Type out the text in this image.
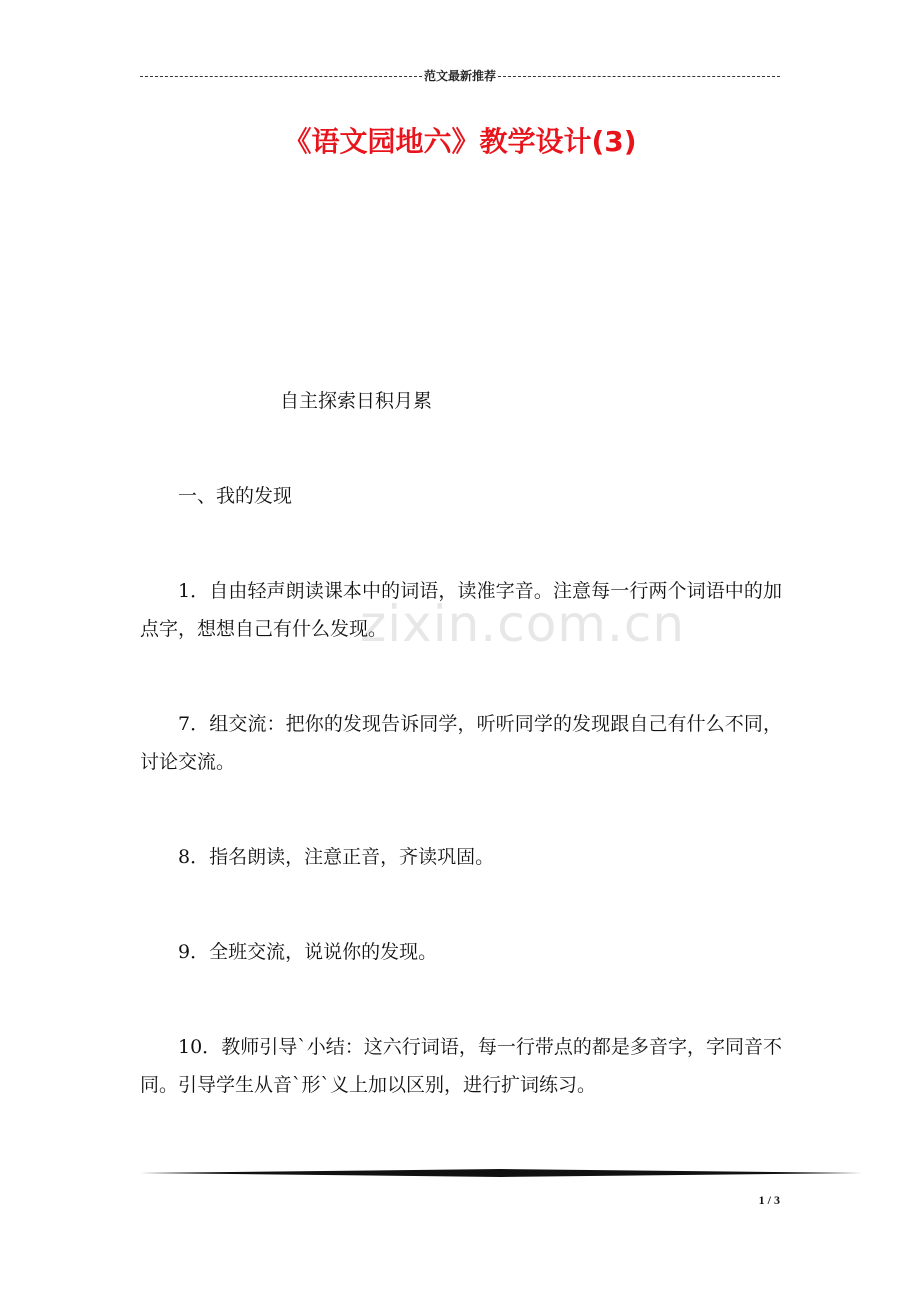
范文最新推荐
《语文园地六》教学设计(3)
zixin.com.cn

自主探索日积月累

一、我的发现

1．自由轻声朗读课本中的词语，读准字音。注意每一行两个词语中的加点字，想想自己有什么发现。

7．组交流：把你的发现告诉同学，听听同学的发现跟自己有什么不同，讨论交流。

8．指名朗读，注意正音，齐读巩固。

9．全班交流，说说你的发现。

10．教师引导`小结：这六行词语，每一行带点的都是多音字，字同音不同。引导学生从音`形`义上加以区别，进行扩词练习。

1 / 3
